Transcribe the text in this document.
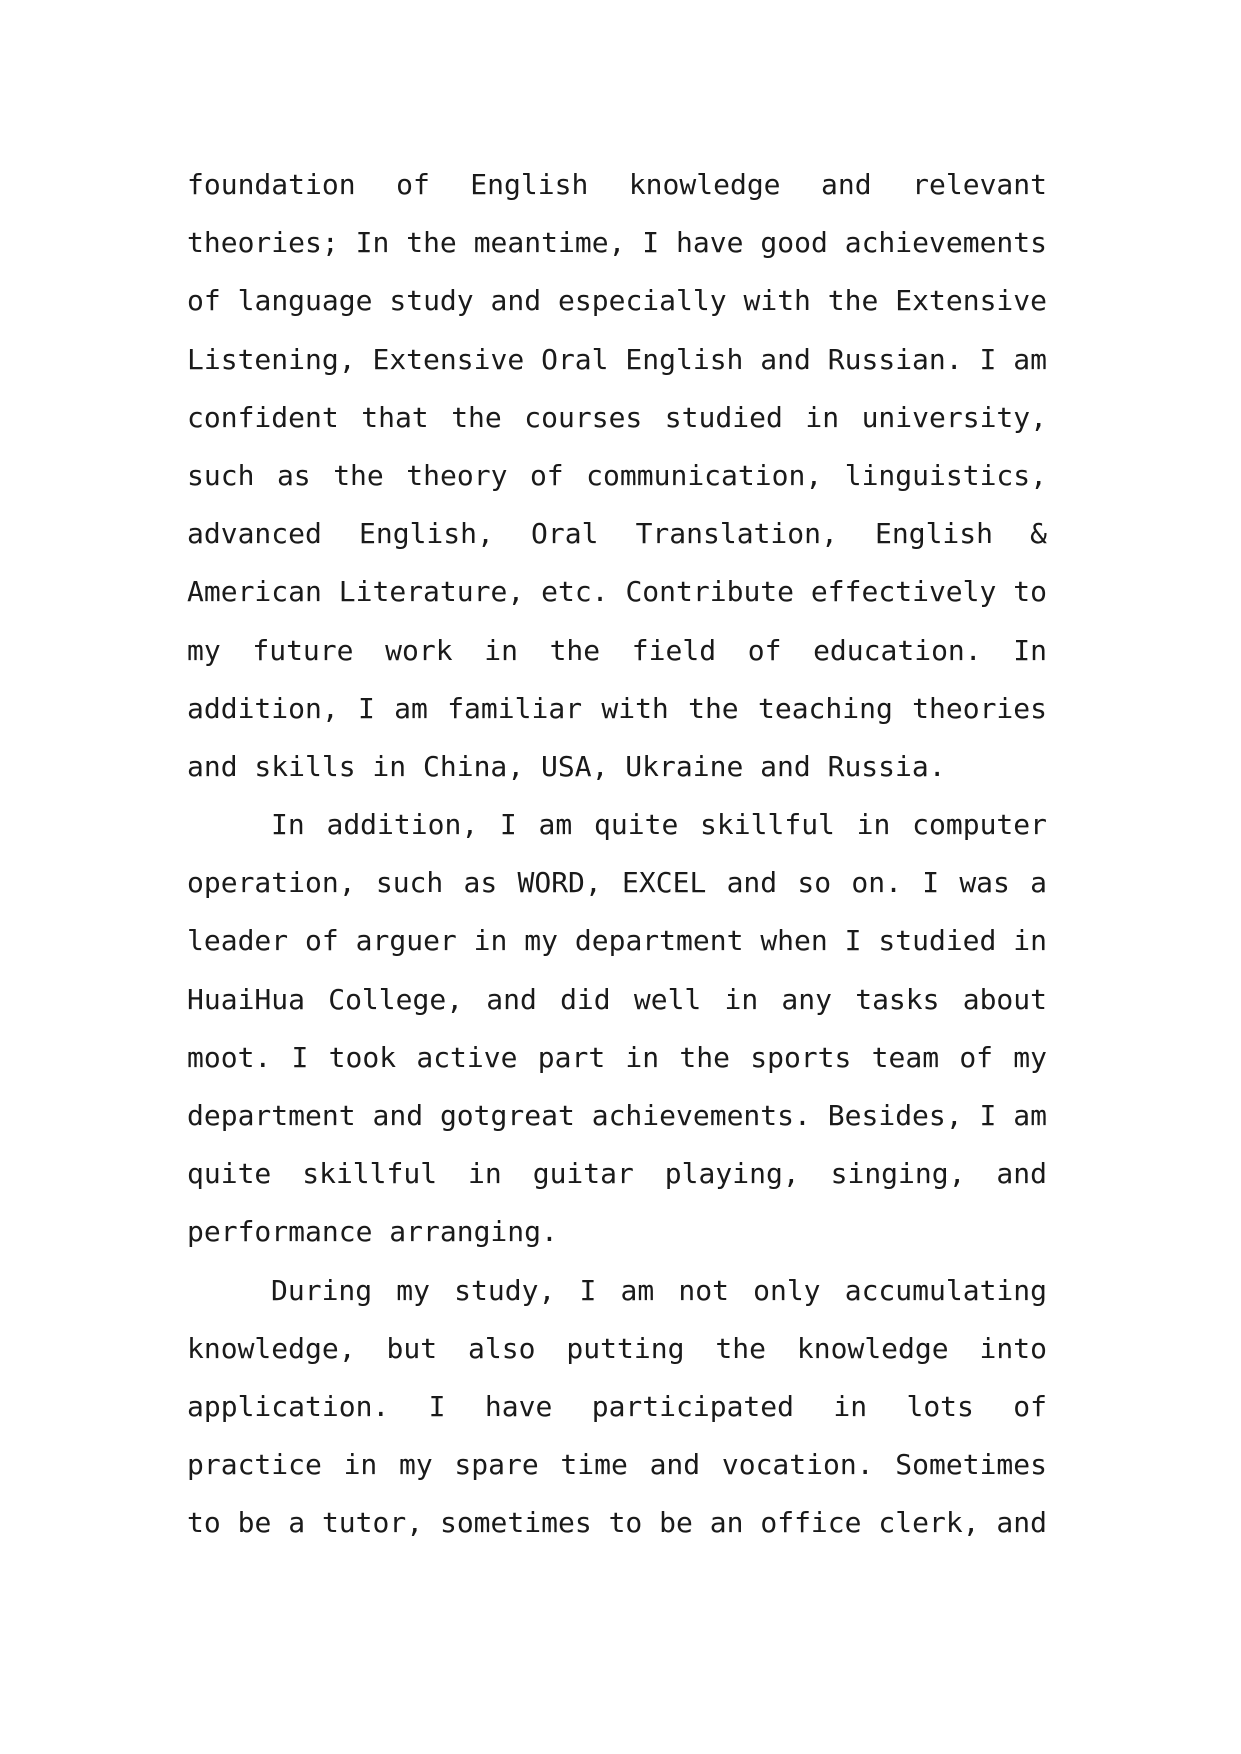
foundation of English knowledge and relevant
theories; In the meantime, I have good achievements
of language study and especially with the Extensive
Listening, Extensive Oral English and Russian. I am
confident that the courses studied in university,
such as the theory of communication, linguistics,
advanced English, Oral Translation, English &
American Literature, etc. Contribute effectively to
my future work in the field of education. In
addition, I am familiar with the teaching theories
and skills in China, USA, Ukraine and Russia.
In addition, I am quite skillful in computer
operation, such as WORD, EXCEL and so on. I was a
leader of arguer in my department when I studied in
HuaiHua College, and did well in any tasks about
moot. I took active part in the sports team of my
department and gotgreat achievements. Besides, I am
quite skillful in guitar playing, singing, and
performance arranging.
During my study, I am not only accumulating
knowledge, but also putting the knowledge into
application. I have participated in lots of
practice in my spare time and vocation. Sometimes
to be a tutor, sometimes to be an office clerk, and
